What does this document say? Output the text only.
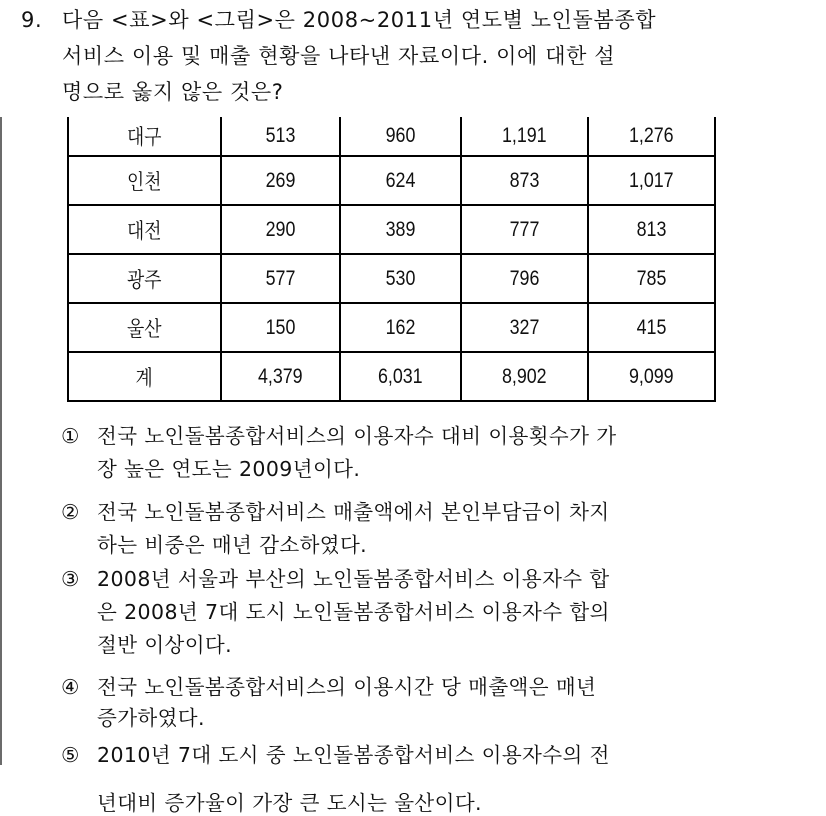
9. 다음 <표>와 <그림>은 2008~2011년 연도별 노인돌봄종합
서비스 이용 및 매출 현황을 나타낸 자료이다. 이에 대한 설
명으로 옳지 않은 것은?
대구	513	960	1,191	1,276
인천	269	624	873	1,017
대전	290	389	777	813
광주	577	530	796	785
울산	150	162	327	415
계	4,379	6,031	8,902	9,099
① 전국 노인돌봄종합서비스의 이용자수 대비 이용횟수가 가
장 높은 연도는 2009년이다.
② 전국 노인돌봄종합서비스 매출액에서 본인부담금이 차지
하는 비중은 매년 감소하였다.
③ 2008년 서울과 부산의 노인돌봄종합서비스 이용자수 합
은 2008년 7대 도시 노인돌봄종합서비스 이용자수 합의
절반 이상이다.
④ 전국 노인돌봄종합서비스의 이용시간 당 매출액은 매년
증가하였다.
⑤ 2010년 7대 도시 중 노인돌봄종합서비스 이용자수의 전
년대비 증가율이 가장 큰 도시는 울산이다.
